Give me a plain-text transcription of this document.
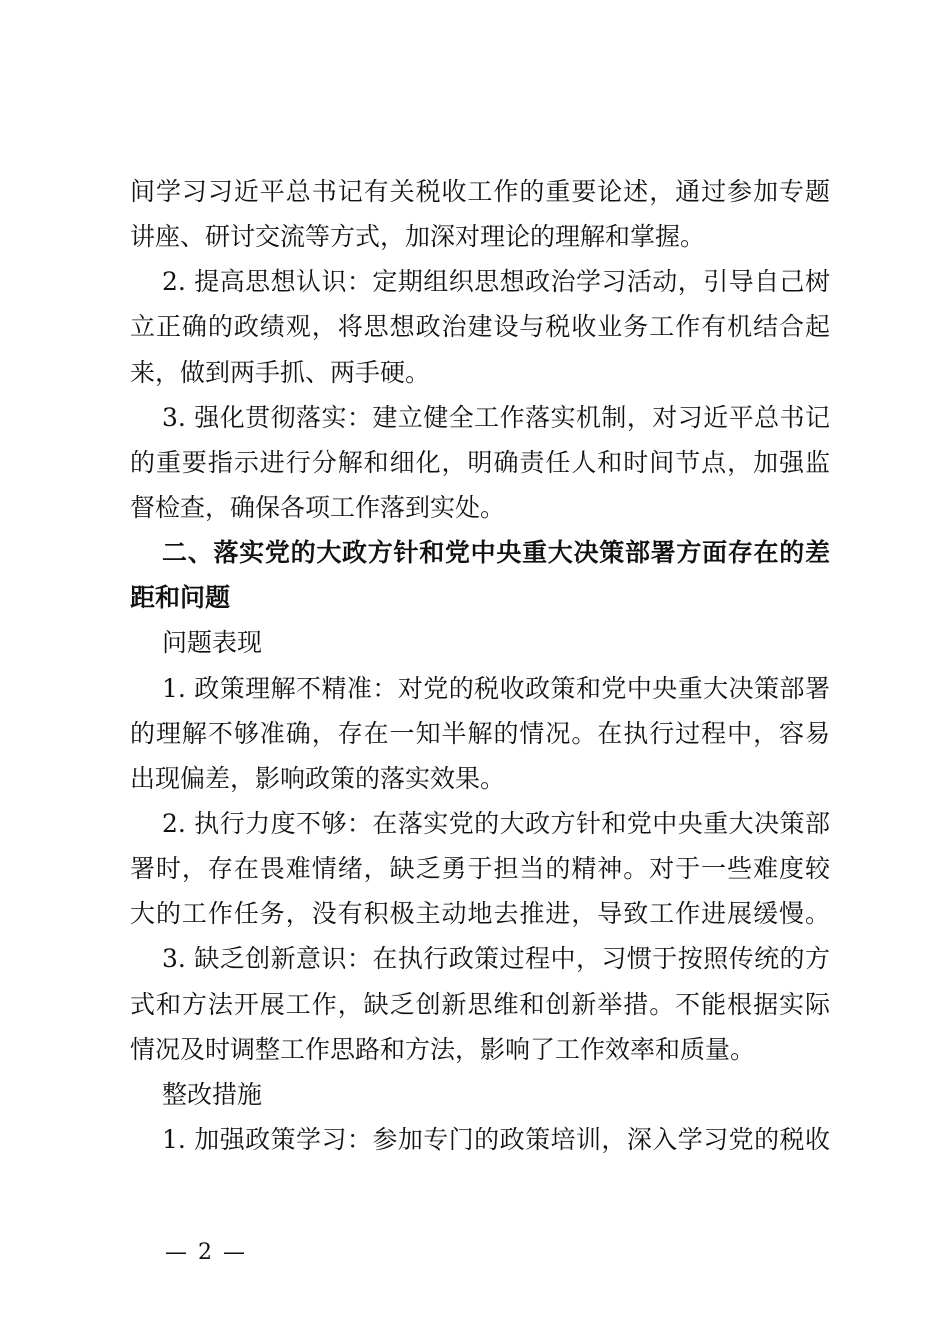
间学习习近平总书记有关税收工作的重要论述，通过参加专题
讲座、研讨交流等方式，加深对理论的理解和掌握。
2. 提高思想认识：定期组织思想政治学习活动，引导自己树
立正确的政绩观，将思想政治建设与税收业务工作有机结合起
来，做到两手抓、两手硬。
3. 强化贯彻落实：建立健全工作落实机制，对习近平总书记
的重要指示进行分解和细化，明确责任人和时间节点，加强监
督检查，确保各项工作落到实处。
二、落实党的大政方针和党中央重大决策部署方面存在的差
距和问题
问题表现
1. 政策理解不精准：对党的税收政策和党中央重大决策部署
的理解不够准确，存在一知半解的情况。在执行过程中，容易
出现偏差，影响政策的落实效果。
2. 执行力度不够：在落实党的大政方针和党中央重大决策部
署时，存在畏难情绪，缺乏勇于担当的精神。对于一些难度较
大的工作任务，没有积极主动地去推进，导致工作进展缓慢。
3. 缺乏创新意识：在执行政策过程中，习惯于按照传统的方
式和方法开展工作，缺乏创新思维和创新举措。不能根据实际
情况及时调整工作思路和方法，影响了工作效率和质量。
整改措施
1. 加强政策学习：参加专门的政策培训，深入学习党的税收
— 2 —
